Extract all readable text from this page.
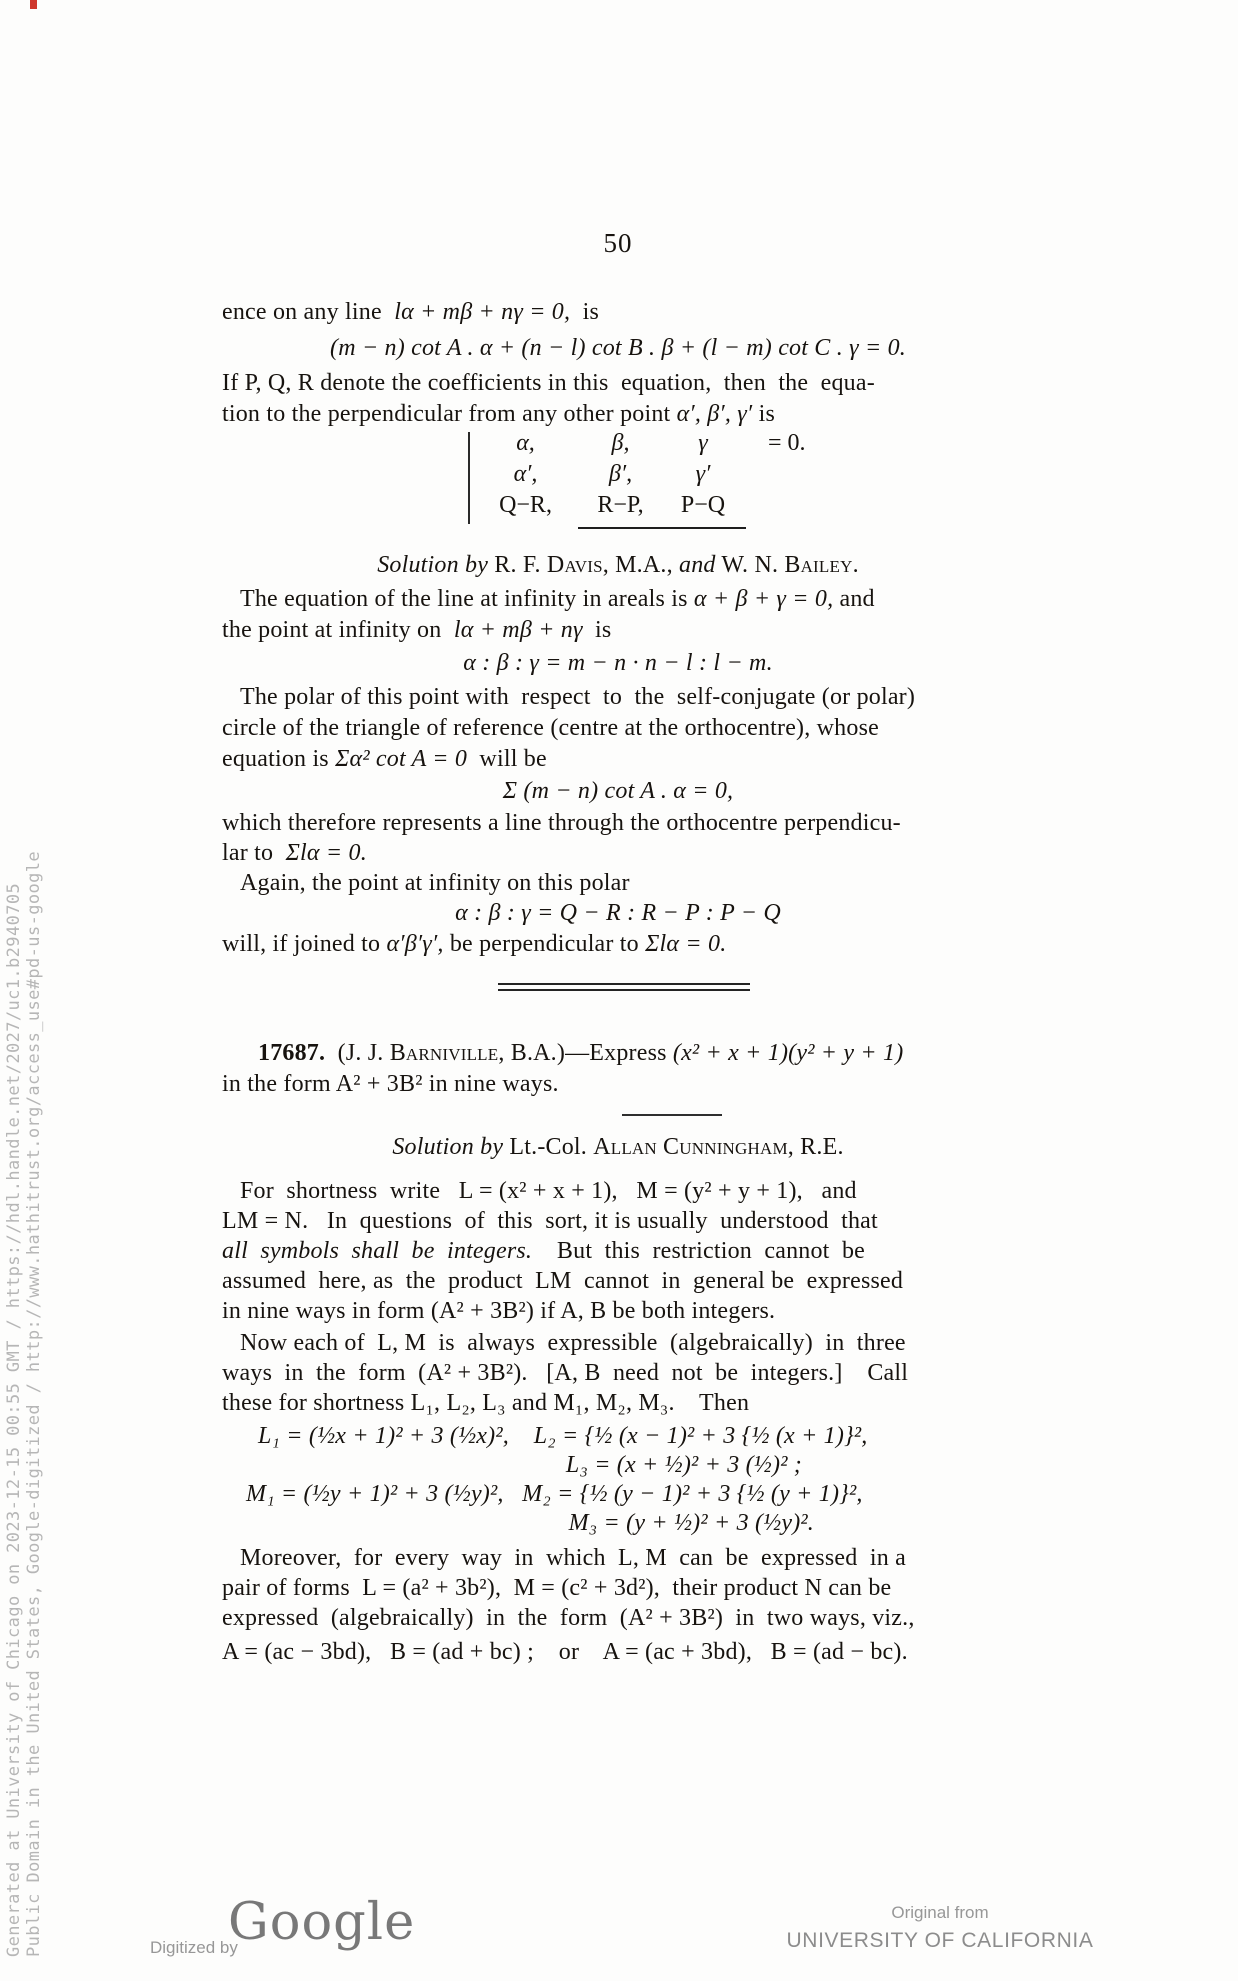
Generated at University of Chicago on 2023-12-15 00:55 GMT / https://hdl.handle.net/2027/uc1.b2940705 Public Domain in the United States, Google-digitized / http://www.hathitrust.org/access_use#pd-us-google
50
ence on any line  lα + mβ + nγ = 0,  is
(m − n) cot A . α + (n − l) cot B . β + (l − m) cot C . γ = 0.
If P, Q, R denote the coefficients in this  equation,  then  the  equa-
tion to the perpendicular from any other point α′, β′, γ′ is
α,	β,	γ
α′,	β′,	γ′
Q−R, R−P, P−Q
= 0.
Solution by R. F. Davis, M.A., and W. N. Bailey.
The equation of the line at infinity in areals is α + β + γ = 0, and
the point at infinity on  lα + mβ + nγ  is
α : β : γ = m − n · n − l : l − m.
The polar of this point with  respect  to  the  self-conjugate (or polar)
circle of the triangle of reference (centre at the orthocentre), whose
equation is Σα² cot A = 0  will be
Σ (m − n) cot A . α = 0,
which therefore represents a line through the orthocentre perpendicu-
lar to  Σlα = 0.
Again, the point at infinity on this polar
α : β : γ = Q − R : R − P : P − Q
will, if joined to α′β′γ′, be perpendicular to Σlα = 0.
17687.  (J. J. Barniville, B.A.)—Express (x² + x + 1)(y² + y + 1)
in the form A² + 3B² in nine ways.
Solution by Lt.-Col. Allan Cunningham, R.E.
For  shortness  write   L = (x² + x + 1),   M = (y² + y + 1),   and
LM = N.   In  questions  of  this  sort, it is usually  understood  that
all  symbols  shall  be  integers.    But  this  restriction  cannot  be
assumed  here, as  the  product  LM  cannot  in  general be  expressed
in nine ways in form (A² + 3B²) if A, B be both integers.
Now each of  L, M  is  always  expressible  (algebraically)  in  three
ways  in  the  form  (A² + 3B²).   [A, B  need  not  be  integers.]    Call
these for shortness L₁, L₂, L₃ and M₁, M₂, M₃.    Then
L₁ = (½x + 1)² + 3 (½x)²,    L₂ = {½ (x − 1)² + 3 {½ (x + 1)}²,
L₃ = (x + ½)² + 3 (½)² ;
M₁ = (½y + 1)² + 3 (½y)²,   M₂ = {½ (y − 1)² + 3 {½ (y + 1)}²,
M₃ = (y + ½)² + 3 (½y)².
Moreover,  for  every  way  in  which  L, M  can  be  expressed  in a
pair of forms  L = (a² + 3b²),  M = (c² + 3d²),  their product N can be
expressed  (algebraically)  in  the  form  (A² + 3B²)  in  two ways, viz.,
A = (ac − 3bd),   B = (ad + bc) ;    or    A = (ac + 3bd),   B = (ad − bc).
Digitized by
Google	Original from
UNIVERSITY OF CALIFORNIA
